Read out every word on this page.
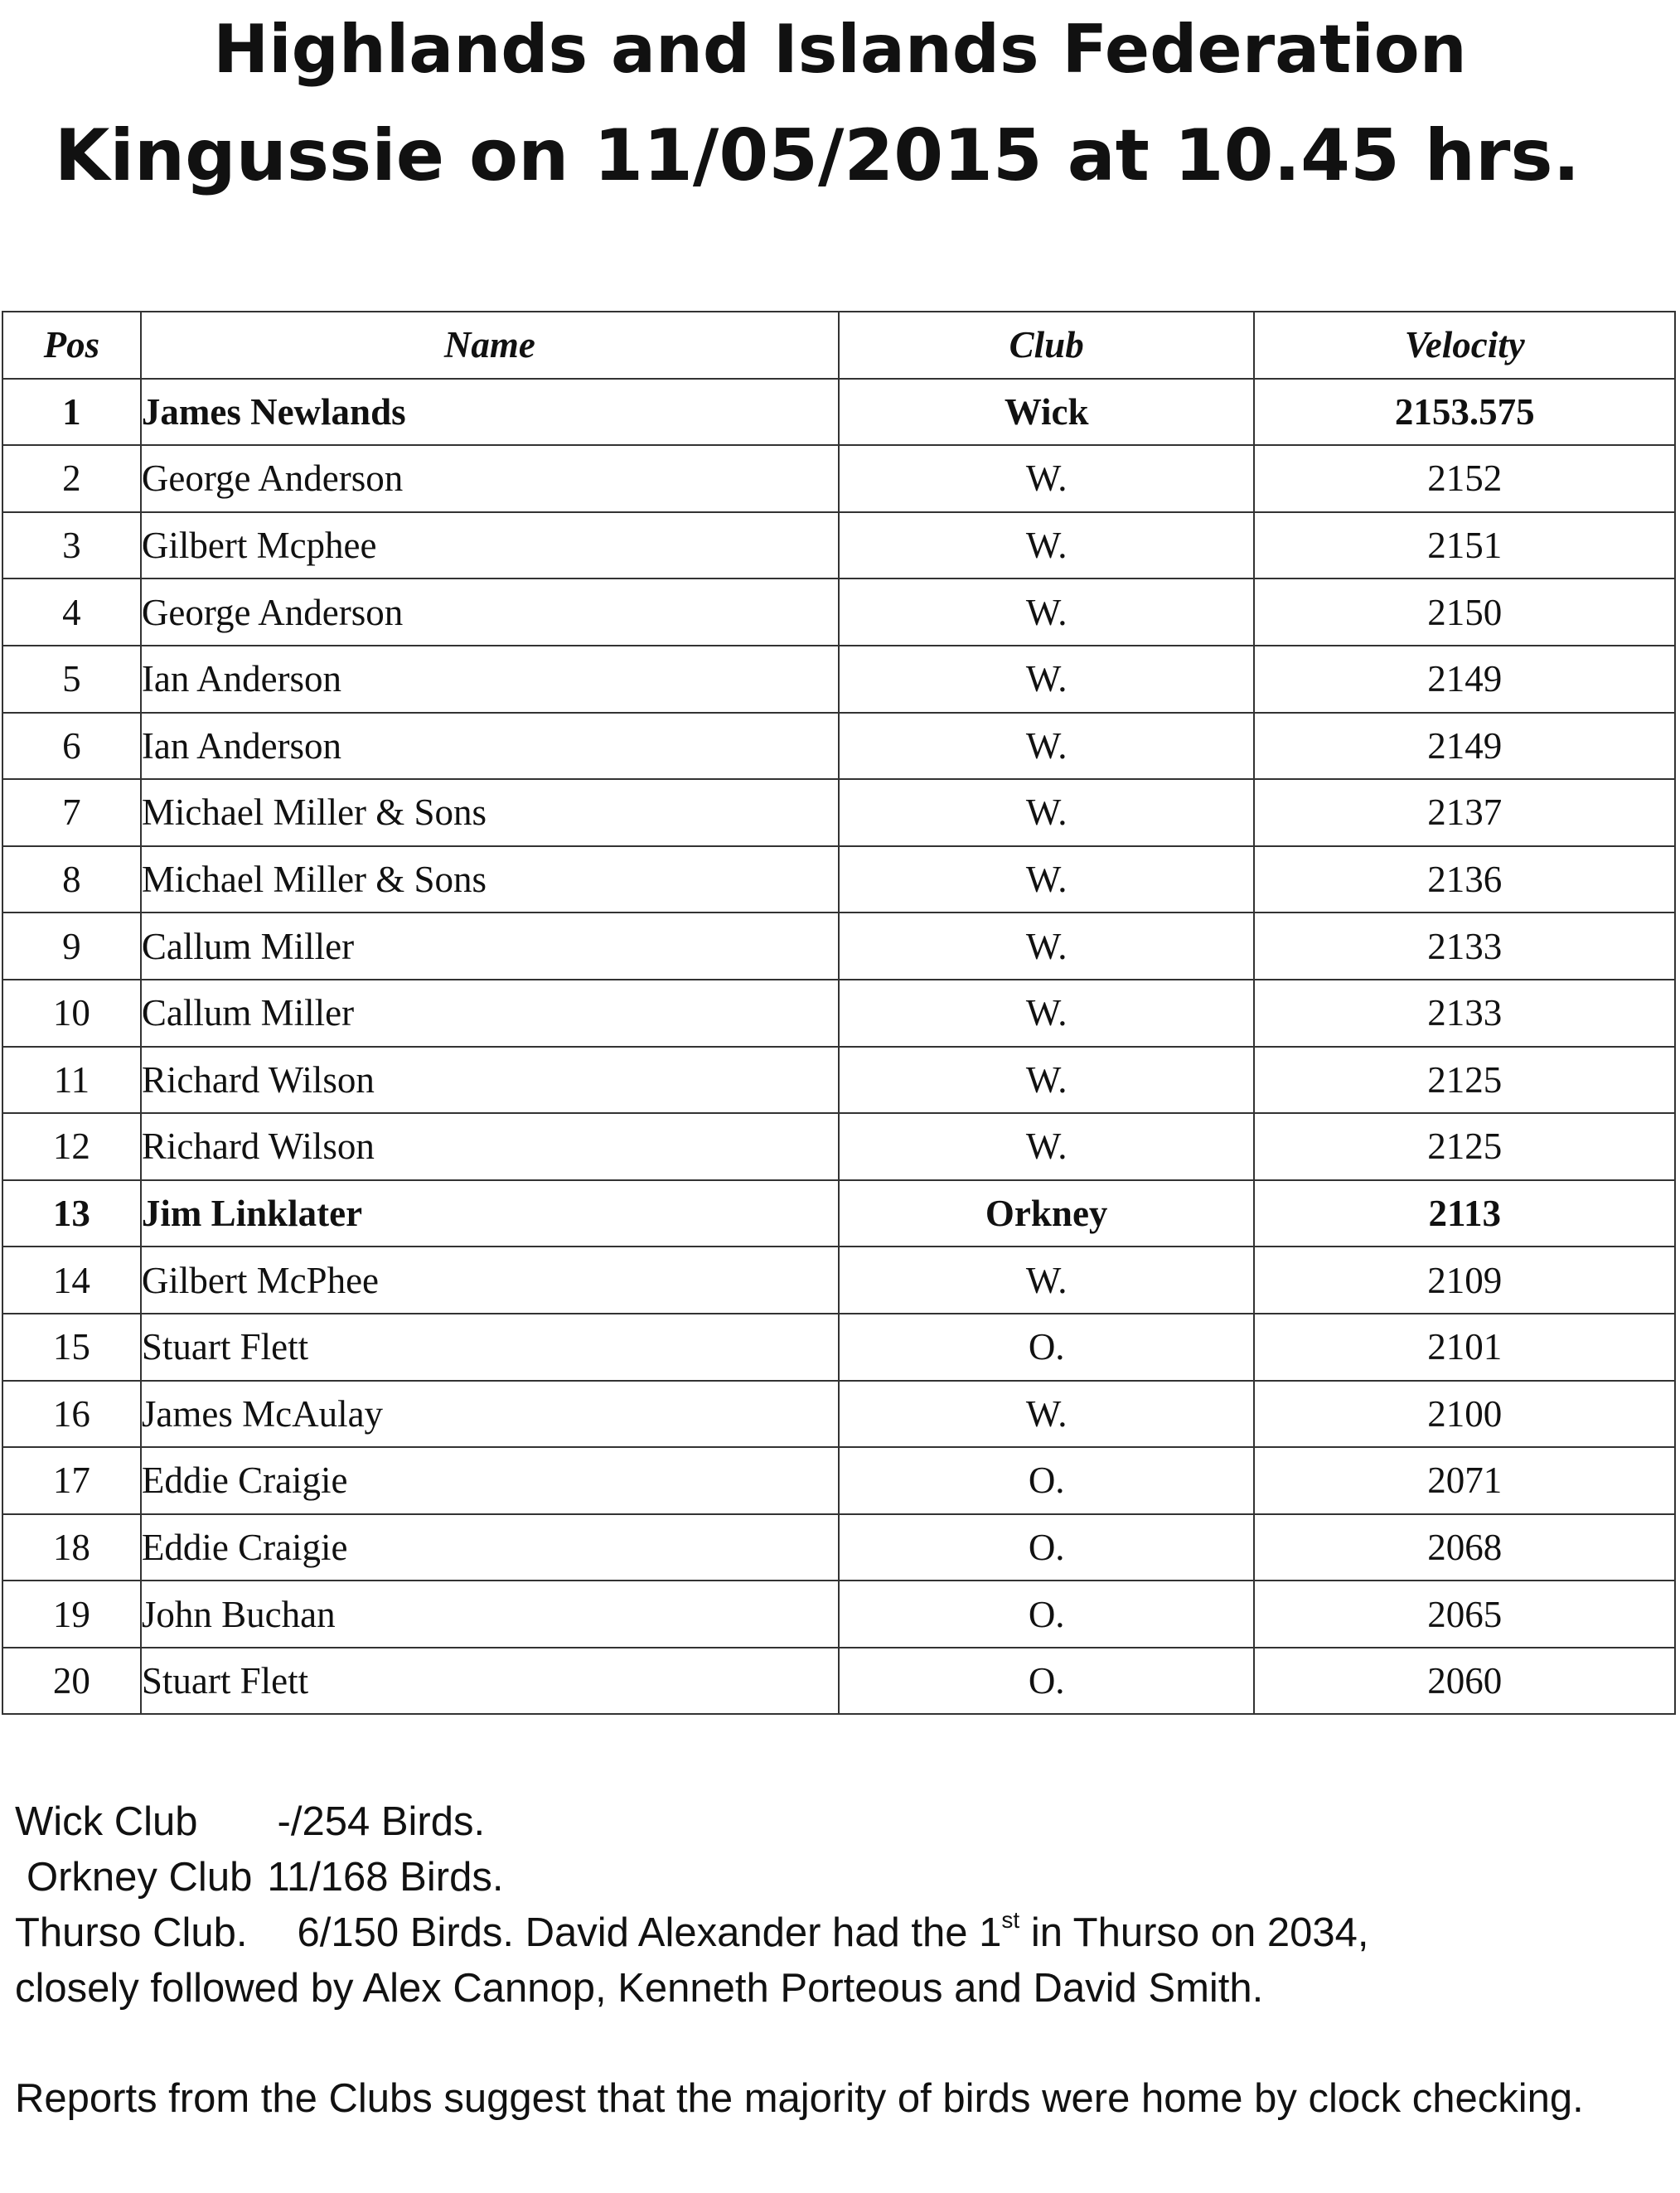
Highlands and Islands Federation
Kingussie on 11/05/2015 at 10.45 hrs.
Pos	Name	Club	Velocity
1	James Newlands	Wick	2153.575
2	George Anderson	W.	2152
3	Gilbert Mcphee	W.	2151
4	George Anderson	W.	2150
5	Ian Anderson	W.	2149
6	Ian Anderson	W.	2149
7	Michael Miller & Sons	W.	2137
8	Michael Miller & Sons	W.	2136
9	Callum Miller	W.	2133
10	Callum Miller	W.	2133
11	Richard Wilson	W.	2125
12	Richard Wilson	W.	2125
13	Jim Linklater	Orkney	2113
14	Gilbert McPhee	W.	2109
15	Stuart Flett	O.	2101
16	James McAulay	W.	2100
17	Eddie Craigie	O.	2071
18	Eddie Craigie	O.	2068
19	John Buchan	O.	2065
20	Stuart Flett	O.	2060

Wick Club -/254 Birds.

Orkney Club 11/168 Birds.

Thurso Club. 6/150 Birds. David Alexander had the 1st in Thurso on 2034,

closely followed by Alex Cannop, Kenneth Porteous and David Smith.

Reports from the Clubs suggest that the majority of birds were home by clock checking.
